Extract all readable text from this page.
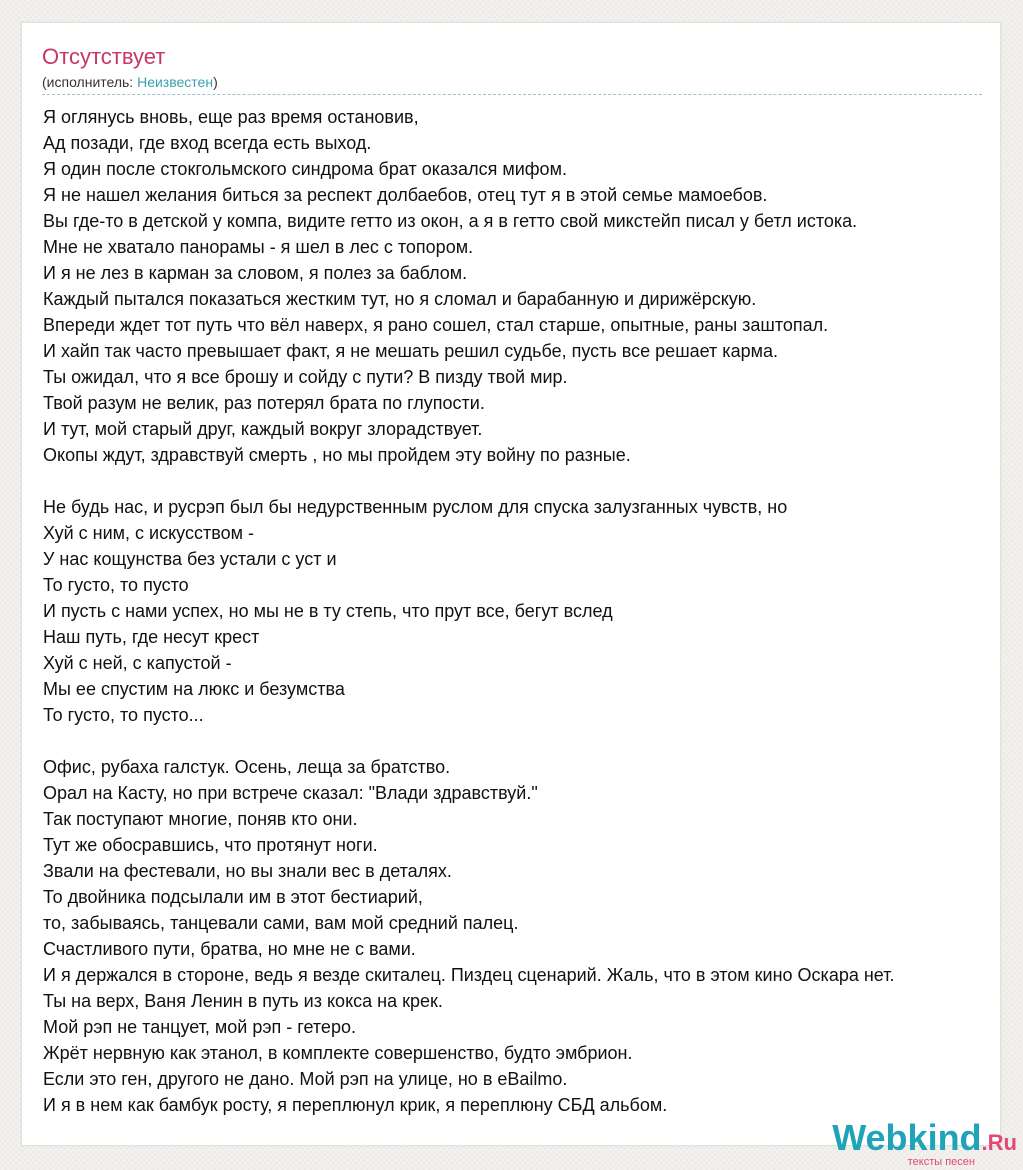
Отсутствует
(исполнитель: Неизвестен)
Я оглянусь вновь, еще раз время остановив,
Ад позади, где вход всегда есть выход.
Я один после стокгольмского синдрома брат оказался мифом.
Я не нашел желания биться за респект долбаебов, отец тут я в этой семье мамоебов.
Вы где-то в детской у компа, видите гетто из окон, а я в гетто свой микстейп писал у бетл истока.
Мне не хватало панорамы - я шел в лес с топором.
И я не лез в карман за словом, я полез за баблом.
Каждый пытался показаться жестким тут, но я сломал и барабанную и дирижёрскую.
Впереди ждет тот путь что вёл наверх, я рано сошел, стал старше, опытные, раны заштопал.
И хайп так часто превышает факт, я не мешать решил судьбе, пусть все решает карма.
Ты ожидал, что я все брошу и сойду с пути? В пизду твой мир.
Твой разум не велик, раз потерял брата по глупости.
И тут, мой старый друг, каждый вокруг злорадствует.
Окопы ждут, здравствуй смерть , но мы пройдем эту войну по разные.
Не будь нас, и русрэп был бы недурственным руслом для спуска залузганных чувств, но
Хуй с ним, с искусством -
У нас кощунства без устали с уст и
То густо, то пусто
И пусть с нами успех, но мы не в ту степь, что прут все, бегут вслед
Наш путь, где несут крест
Хуй с ней, с капустой -
Мы ее спустим на люкс и безумства
То густо, то пусто...
Офис, рубаха галстук. Осень, леща за братство.
Орал на Касту, но при встрече сказал: "Влади здравствуй."
Так поступают многие, поняв кто они.
Тут же обосравшись, что протянут ноги.
Звали на фестевали, но вы знали вес в деталях.
То двойника подсылали им в этот бестиарий,
то, забываясь, танцевали сами, вам мой средний палец.
Счастливого пути, братва, но мне не с вами.
И я держался в стороне, ведь я везде скиталец. Пиздец сценарий. Жаль, что в этом кино Оскара нет.
Ты на верх, Ваня Ленин в путь из кокса на крек.
Мой рэп не танцует, мой рэп - гетеро.
Жрёт нервную как этанол, в комплекте совершенство, будто эмбрион.
Если это ген, другого не дано. Мой рэп на улице, но в eBailmo.
И я в нем как бамбук росту, я переплюнул крик, я переплюну СБД альбом.
Webkind.Ru
тексты песен
